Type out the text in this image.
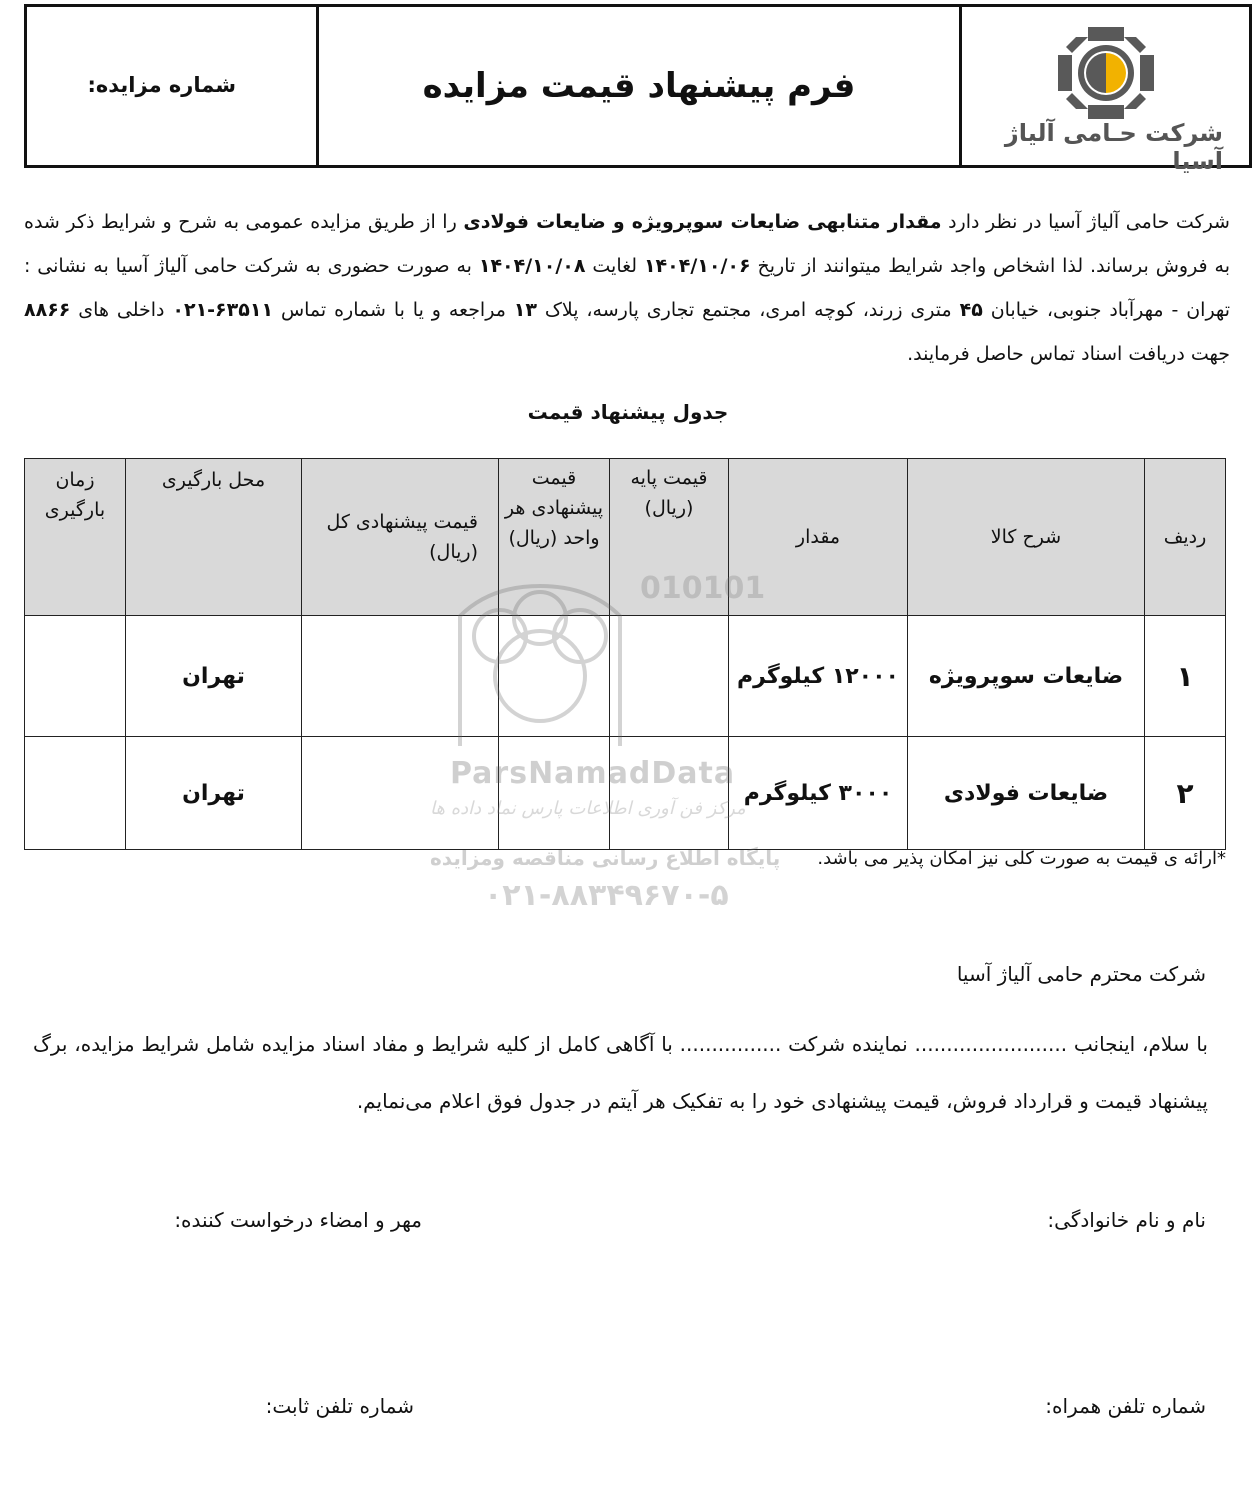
شرکت حـامی آلیاژ آسیا
فرم پیشنهاد قیمت مزایده
شماره مزایده:
شرکت حامی آلیاژ آسیا در نظر دارد مقدار متنابهی ضایعات سوپرویژه و ضایعات فولادی را از طریق مزایده عمومی به شرح و شرایط ذکر شده به فروش برساند. لذا اشخاص واجد شرایط میتوانند از تاریخ ۱۴۰۴/۱۰/۰۶ لغایت ۱۴۰۴/۱۰/۰۸ به صورت حضوری به شرکت حامی آلیاژ آسیا به نشانی : تهران - مهرآباد جنوبی، خیابان ۴۵ متری زرند، کوچه امری، مجتمع تجاری پارسه، پلاک ۱۳ مراجعه و یا با شماره تماس ۰۲۱-۶۳۵۱۱ داخلی های ۸۸۶۶ جهت دریافت اسناد تماس حاصل فرمایند.
جدول پیشنهاد قیمت
ردیف	شرح کالا	مقدار	قیمت پایه (ریال)	قیمت پیشنهادی هر واحد (ریال)	قیمت پیشنهادی کل (ریال)	محل بارگیری	زمان بارگیری
۱	ضایعات سوپرویژه	۱۲۰۰۰ کیلوگرم				تهران	
۲	ضایعات فولادی	۳۰۰۰ کیلوگرم				تهران	
010101
ParsNamadData
مرکز فن آوری اطلاعات پارس نماد داده ها
پایگاه اطلاع رسانی مناقصه ومزایده
۰۲۱-۸۸۳۴۹۶۷۰-۵
*ارائه ی قیمت به صورت کلی نیز امکان پذیر می باشد.
شرکت محترم حامی آلیاژ آسیا
با سلام، اینجانب ........................ نماینده شرکت ................ با آگاهی کامل از کلیه شرایط و مفاد اسناد مزایده شامل شرایط مزایده، برگ پیشنهاد قیمت و قرارداد فروش، قیمت پیشنهادی خود را به تفکیک هر آیتم در جدول فوق اعلام می‌نمایم.
نام و نام خانوادگی:
مهر و امضاء درخواست کننده:
شماره تلفن همراه:
شماره تلفن ثابت:
